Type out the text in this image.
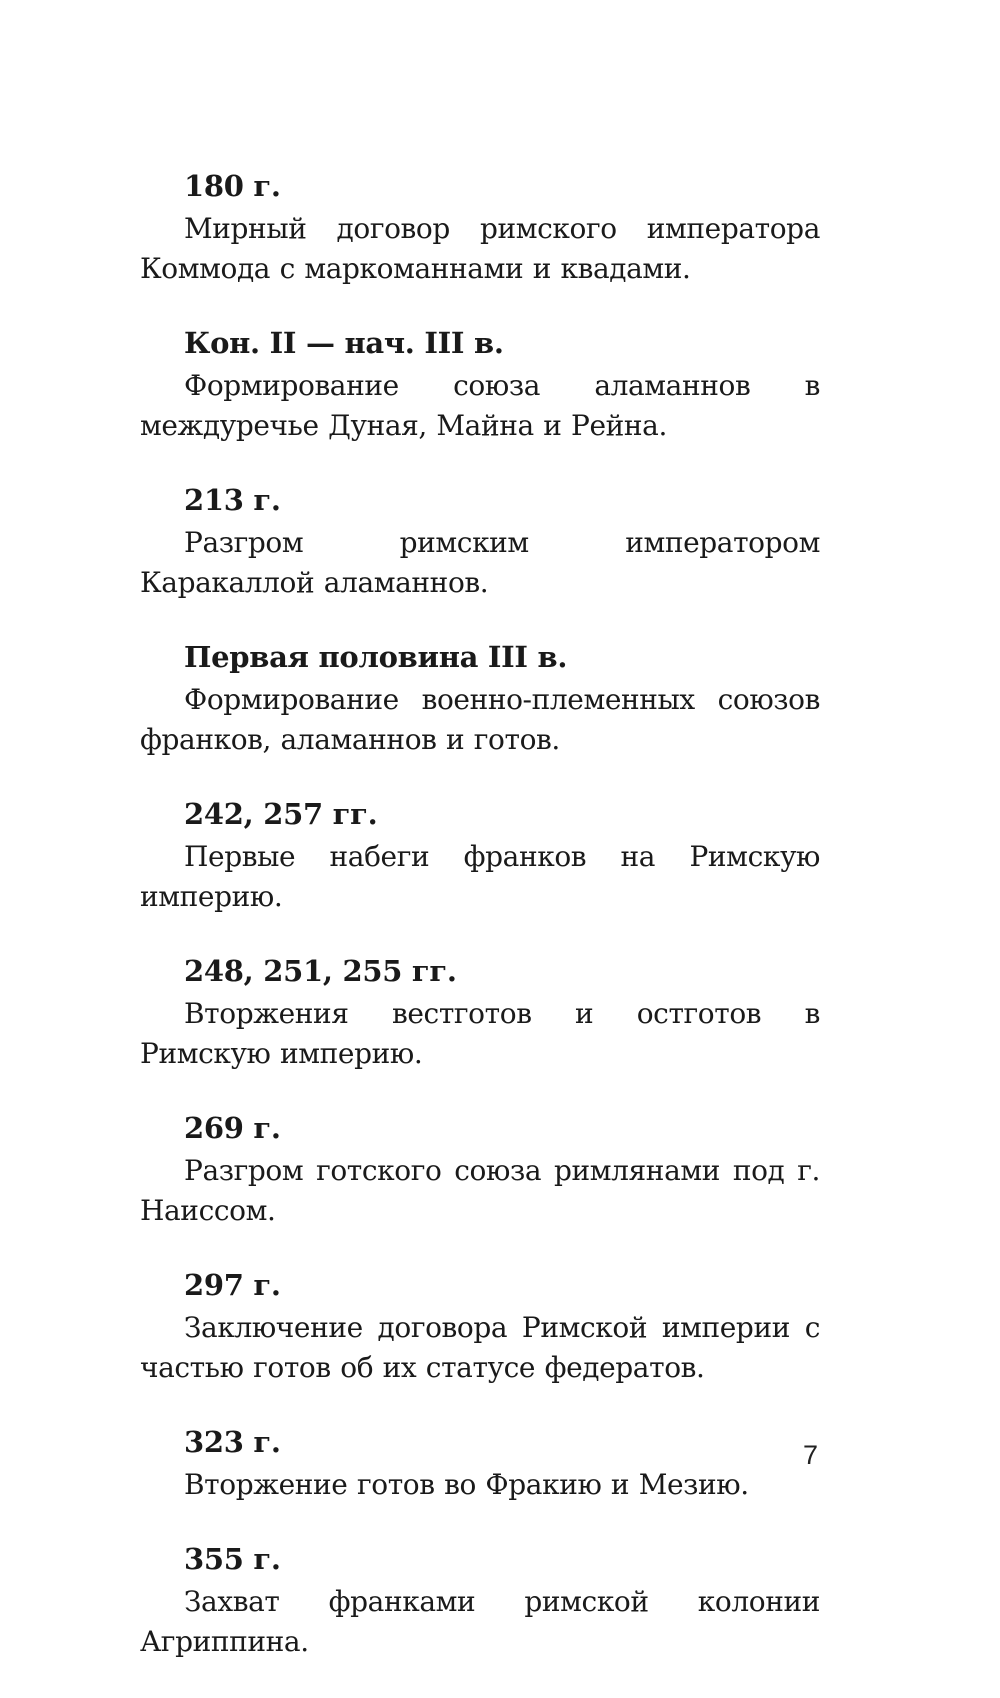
180 г.

Мирный договор римского императора Коммода с маркоманнами и квадами.

Кон. II — нач. III в.

Формирование союза аламаннов в междуречье Дуная, Майна и Рейна.

213 г.

Разгром римским императором Каракаллой аламаннов.

Первая половина III в.

Формирование военно-племенных союзов франков, аламаннов и готов.

242, 257 гг.

Первые набеги франков на Римскую империю.

248, 251, 255 гг.

Вторжения вестготов и остготов в Римскую империю.

269 г.

Разгром готского союза римлянами под г. Наиссом.

297 г.

Заключение договора Римской империи с частью готов об их статусе федератов.

323 г.

Вторжение готов во Фракию и Мезию.

355 г.

Захват франками римской колонии Агриппина.

7
